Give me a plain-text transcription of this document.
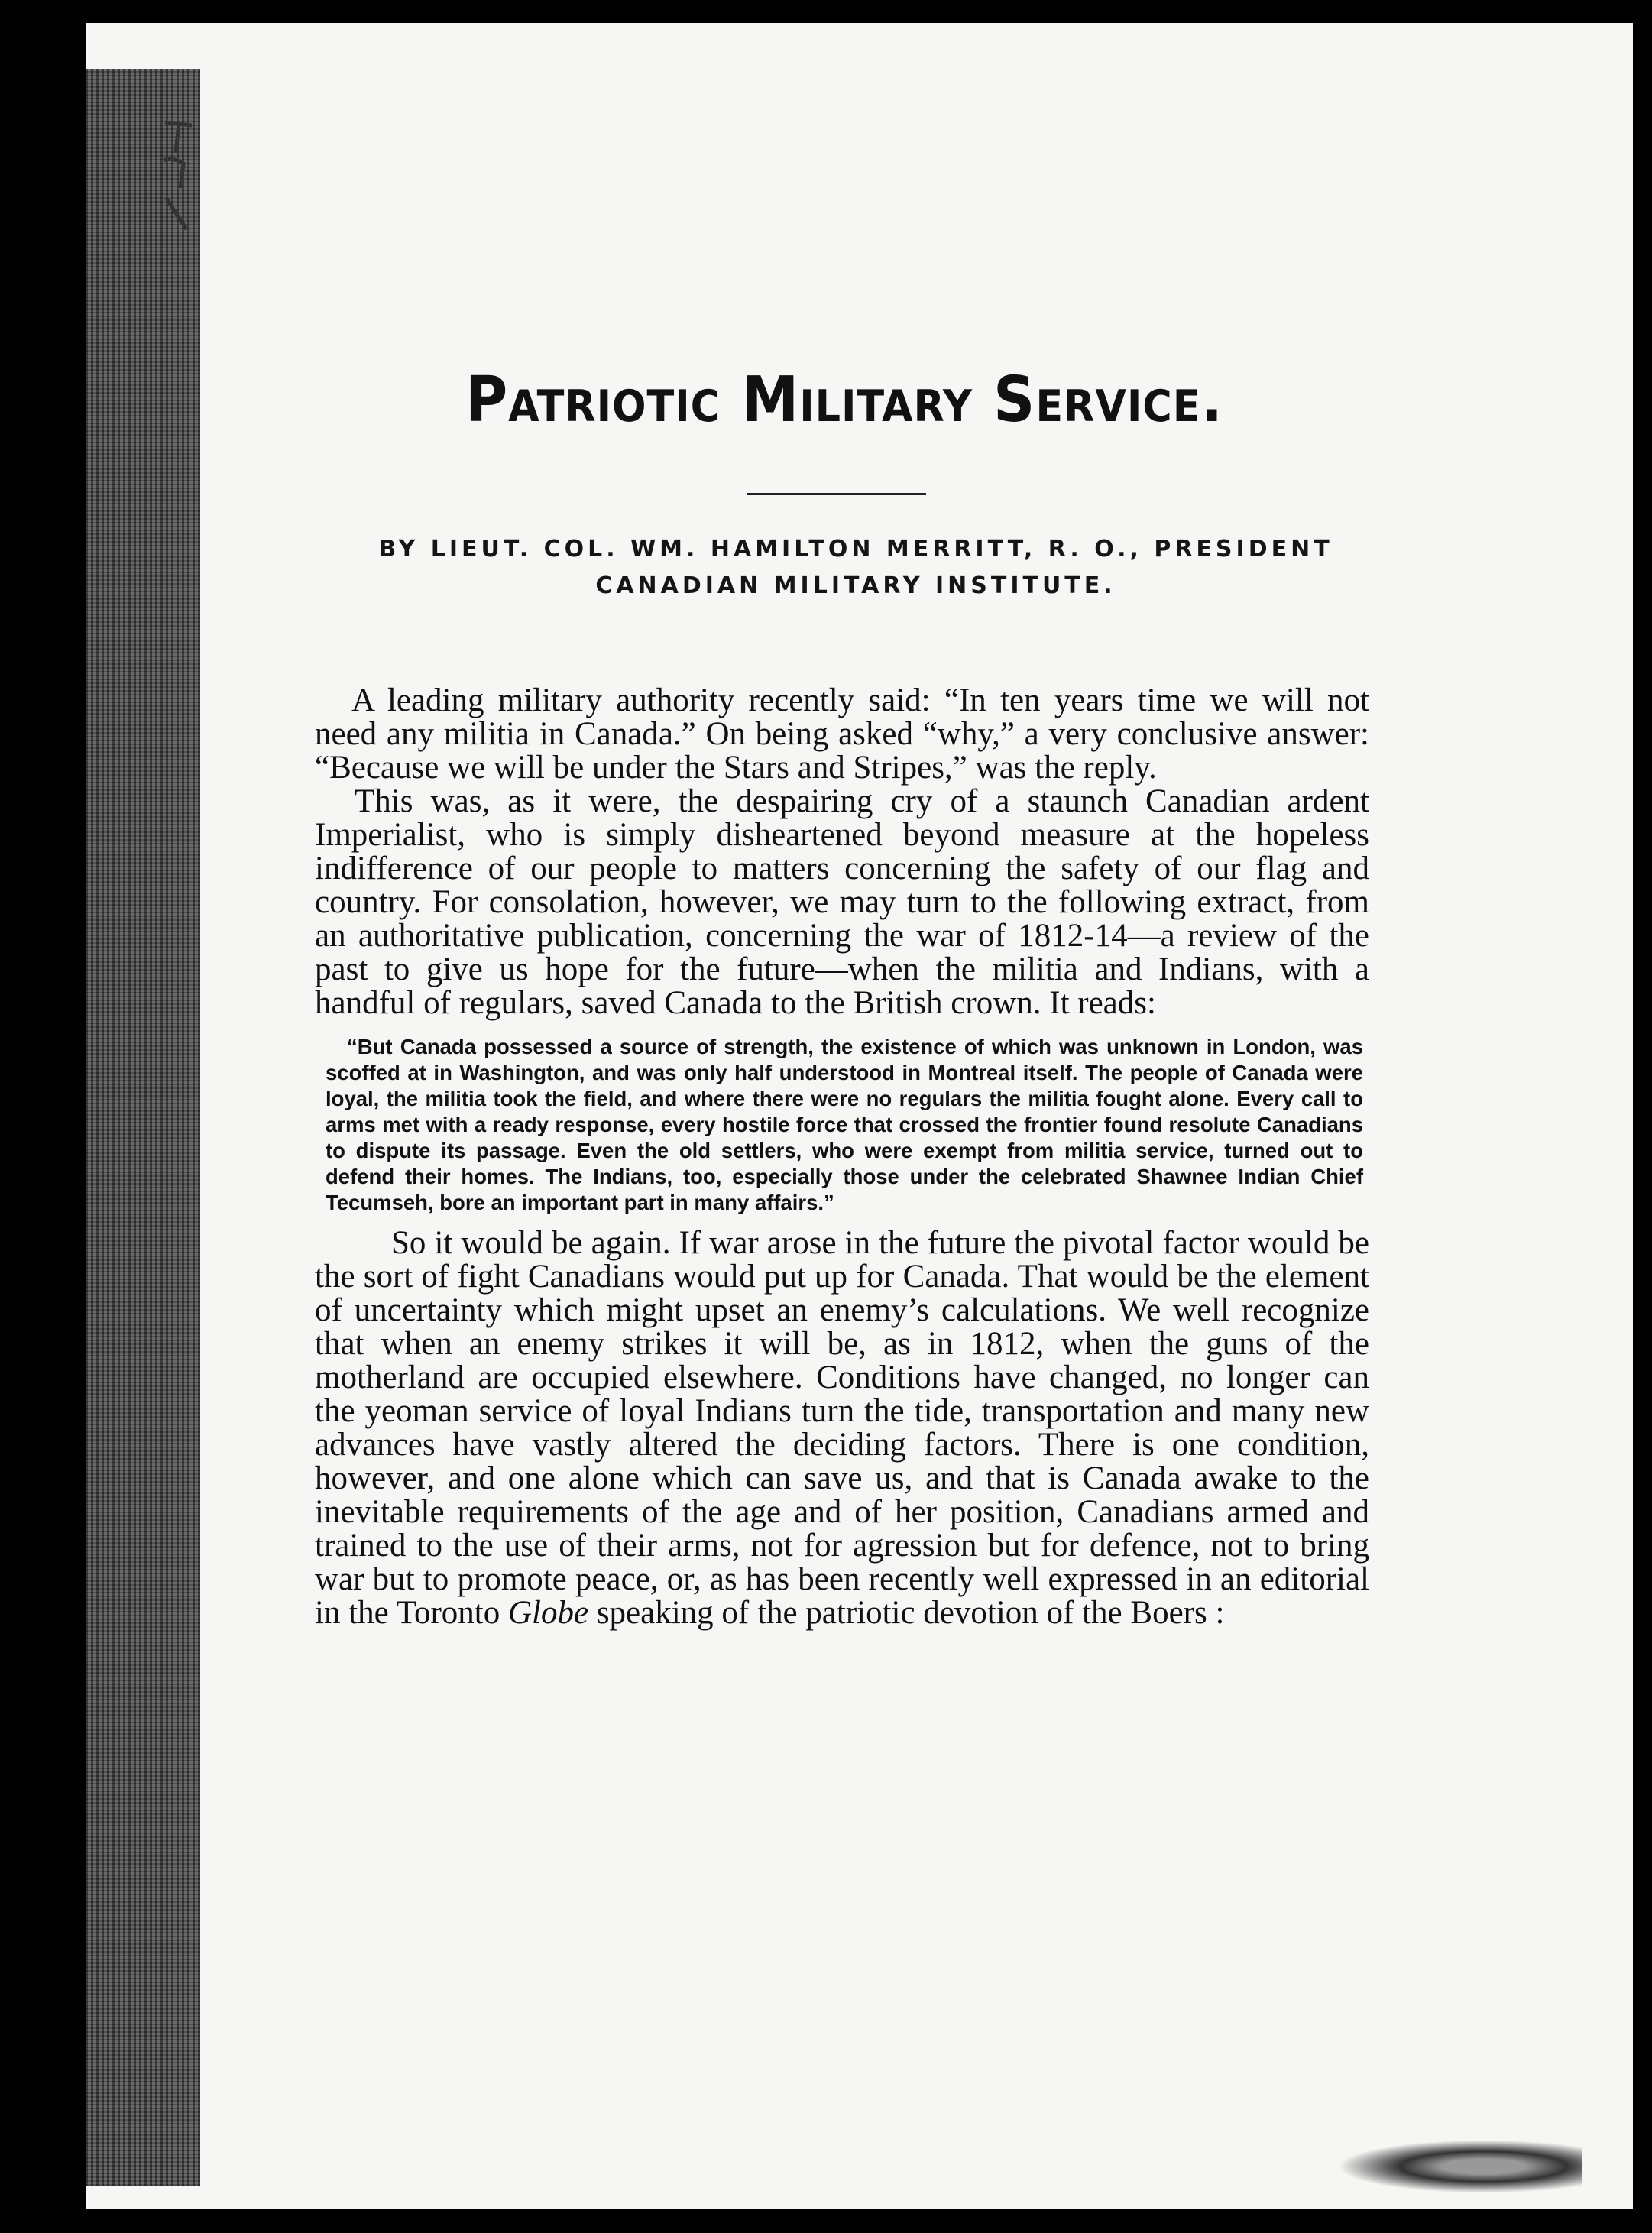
Patriotic Military Service.
BY LIEUT. COL. WM. HAMILTON MERRITT, R. O., PRESIDENT
CANADIAN MILITARY INSTITUTE.

A leading military authority recently said: “In ten years time we will not need any militia in Canada.” On being asked “why,” a very conclusive answer: “Because we will be under the Stars and Stripes,” was the reply.

This was, as it were, the despairing cry of a staunch Canadian ardent Imperialist, who is simply disheartened beyond measure at the hopeless indifference of our people to matters concerning the safety of our flag and country. For consolation, however, we may turn to the following extract, from an authoritative publication, concerning the war of 1812-14—a review of the past to give us hope for the future—when the militia and Indians, with a handful of regulars, saved Canada to the British crown. It reads:

“But Canada possessed a source of strength, the existence of which was unknown in London, was scoffed at in Washington, and was only half understood in Montreal itself. The people of Canada were loyal, the militia took the field, and where there were no regulars the militia fought alone. Every call to arms met with a ready response, every hostile force that crossed the frontier found resolute Canadians to dispute its passage. Even the old settlers, who were exempt from militia service, turned out to defend their homes. The Indians, too, especially those under the celebrated Shawnee Indian Chief Tecumseh, bore an important part in many affairs.”

So it would be again. If war arose in the future the pivotal factor would be the sort of fight Canadians would put up for Canada. That would be the element of uncertainty which might upset an enemy’s calculations. We well recognize that when an enemy strikes it will be, as in 1812, when the guns of the motherland are occupied elsewhere. Conditions have changed, no longer can the yeoman service of loyal Indians turn the tide, transportation and many new advances have vastly altered the deciding factors. There is one condition, however, and one alone which can save us, and that is Canada awake to the inevitable requirements of the age and of her position, Canadians armed and trained to the use of their arms, not for agression but for defence, not to bring war but to promote peace, or, as has been recently well expressed in an editorial in the Toronto Globe speaking of the patriotic devotion of the Boers :
